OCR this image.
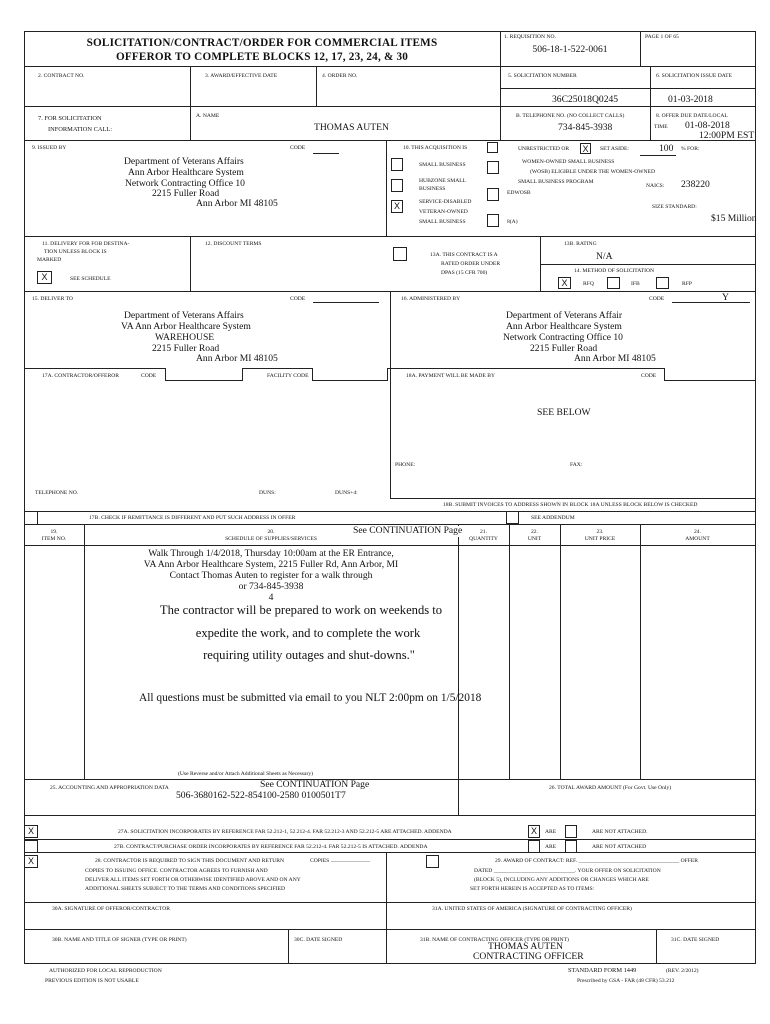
SOLICITATION/CONTRACT/ORDER FOR COMMERCIAL ITEMS
OFFEROR TO COMPLETE BLOCKS 12, 17, 23, 24, & 30
1. REQUISITION NO.
506-18-1-522-0061
PAGE 1 OF 65
2. CONTRACT NO.	3. AWARD/EFFECTIVE DATE	4. ORDER NO.	5. SOLICITATION NUMBER
36C25018Q0245
6. SOLICITATION ISSUE DATE
01-03-2018
7. FOR SOLICITATION
INFORMATION CALL:
A. NAME
THOMAS AUTEN
B. TELEPHONE NO. (NO COLLECT CALLS)
734-845-3938
8. OFFER DUE DATE/LOCAL
TIME 01-08-2018
12:00PM EST
9. ISSUED BY	CODE
Department of Veterans Affairs
Ann Arbor Healthcare System
Network Contracting Office 10
2215 Fuller Road
Ann Arbor MI 48105
10. THIS ACQUISITION IS	UNRESTRICTED OR X	SET ASIDE:	100 % FOR:
SMALL BUSINESS	WOMEN-OWNED SMALL BUSINESS
(WOSB) ELIGIBLE UNDER THE WOMEN-OWNED
SMALL BUSINESS PROGRAM
HUBZONE SMALL
BUSINESS
EDWOSB
X	SERVICE-DISABLED
VETERAN-OWNED
SMALL BUSINESS	8(A)
NAICS: 238220
SIZE STANDARD:
$15 Million
11. DELIVERY FOR FOB DESTINA-
TION UNLESS BLOCK IS
MARKED
X	SEE SCHEDULE
12. DISCOUNT TERMS
13A. THIS CONTRACT IS A
RATED ORDER UNDER
DPAS (15 CFR 700)
13B. RATING
N/A
14. METHOD OF SOLICITATION
X	RFQ	IFB	RFP
15. DELIVER TO	CODE
Department of Veterans Affairs
VA Ann Arbor Healthcare System
WAREHOUSE
2215 Fuller Road
Ann Arbor MI 48105
16. ADMINISTERED BY	CODE	Y
Department of Veterans Affair
Ann Arbor Healthcare System
Network Contracting Office 10
2215 Fuller Road
Ann Arbor MI 48105
17A. CONTRACTOR/OFFEROR	CODE	FACILITY CODE	18A. PAYMENT WILL BE MADE BY	CODE
SEE BELOW
PHONE:	FAX:
TELEPHONE NO.	DUNS:	DUNS+4:
17B. CHECK IF REMITTANCE IS DIFFERENT AND PUT SUCH ADDRESS IN OFFER
18B. SUBMIT INVOICES TO ADDRESS SHOWN IN BLOCK 18A UNLESS BLOCK BELOW IS CHECKED
SEE ADDENDUM
19.
ITEM NO.
20.
SCHEDULE OF SUPPLIES/SERVICES
21.
QUANTITY
22.
UNIT
23.
UNIT PRICE
24.
AMOUNT
See CONTINUATION Page
Walk Through 1/4/2018, Thursday 10:00am at the ER Entrance,
VA Ann Arbor Healthcare System, 2215 Fuller Rd, Ann Arbor, MI
Contact Thomas Auten to register for a walk through
or 734-845-3938
4
The contractor will be prepared to work on weekends to
expedite the work, and to complete the work
requiring utility outages and shut-downs."
All questions must be submitted via email to you NLT 2:00pm on 1/5/2018
(Use Reverse and/or Attach Additional Sheets as Necessary)
25. ACCOUNTING AND APPROPRIATION DATA	See CONTINUATION Page
506-3680162-522-854100-2580 0100501T7
26. TOTAL AWARD AMOUNT (For Govt. Use Only)
X	27A. SOLICITATION INCORPORATES BY REFERENCE FAR 52.212-1, 52.212-4. FAR 52.212-3 AND 52.212-5 ARE ATTACHED. ADDENDA	X	ARE	ARE NOT ATTACHED.
27B. CONTRACT/PURCHASE ORDER INCORPORATES BY REFERENCE FAR 52.212-4. FAR 52.212-5 IS ATTACHED. ADDENDA	ARE	ARE NOT ATTACHED
X	28. CONTRACTOR IS REQUIRED TO SIGN THIS DOCUMENT AND RETURN	COPIES ______________
COPIES TO ISSUING OFFICE. CONTRACTOR AGREES TO FURNISH AND
DELIVER ALL ITEMS SET FORTH OR OTHERWISE IDENTIFIED ABOVE AND ON ANY
ADDITIONAL SHEETS SUBJECT TO THE TERMS AND CONDITIONS SPECIFIED
29. AWARD OF CONTRACT: REF. ____________________________________ OFFER
DATED _____________________________. YOUR OFFER ON SOLICITATION
(BLOCK 5), INCLUDING ANY ADDITIONS OR CHANGES WHICH ARE
SET FORTH HEREIN IS ACCEPTED AS TO ITEMS:
30A. SIGNATURE OF OFFEROR/CONTRACTOR	31A. UNITED STATES OF AMERICA (SIGNATURE OF CONTRACTING OFFICER)
30B. NAME AND TITLE OF SIGNER (TYPE OR PRINT)	30C. DATE SIGNED	31B. NAME OF CONTRACTING OFFICER (TYPE OR PRINT)
THOMAS AUTEN
CONTRACTING OFFICER
31C. DATE SIGNED
AUTHORIZED FOR LOCAL REPRODUCTION
PREVIOUS EDITION IS NOT USABLE
STANDARD FORM 1449	(REV. 2/2012)
Prescribed by GSA - FAR (48 CFR) 53.212
